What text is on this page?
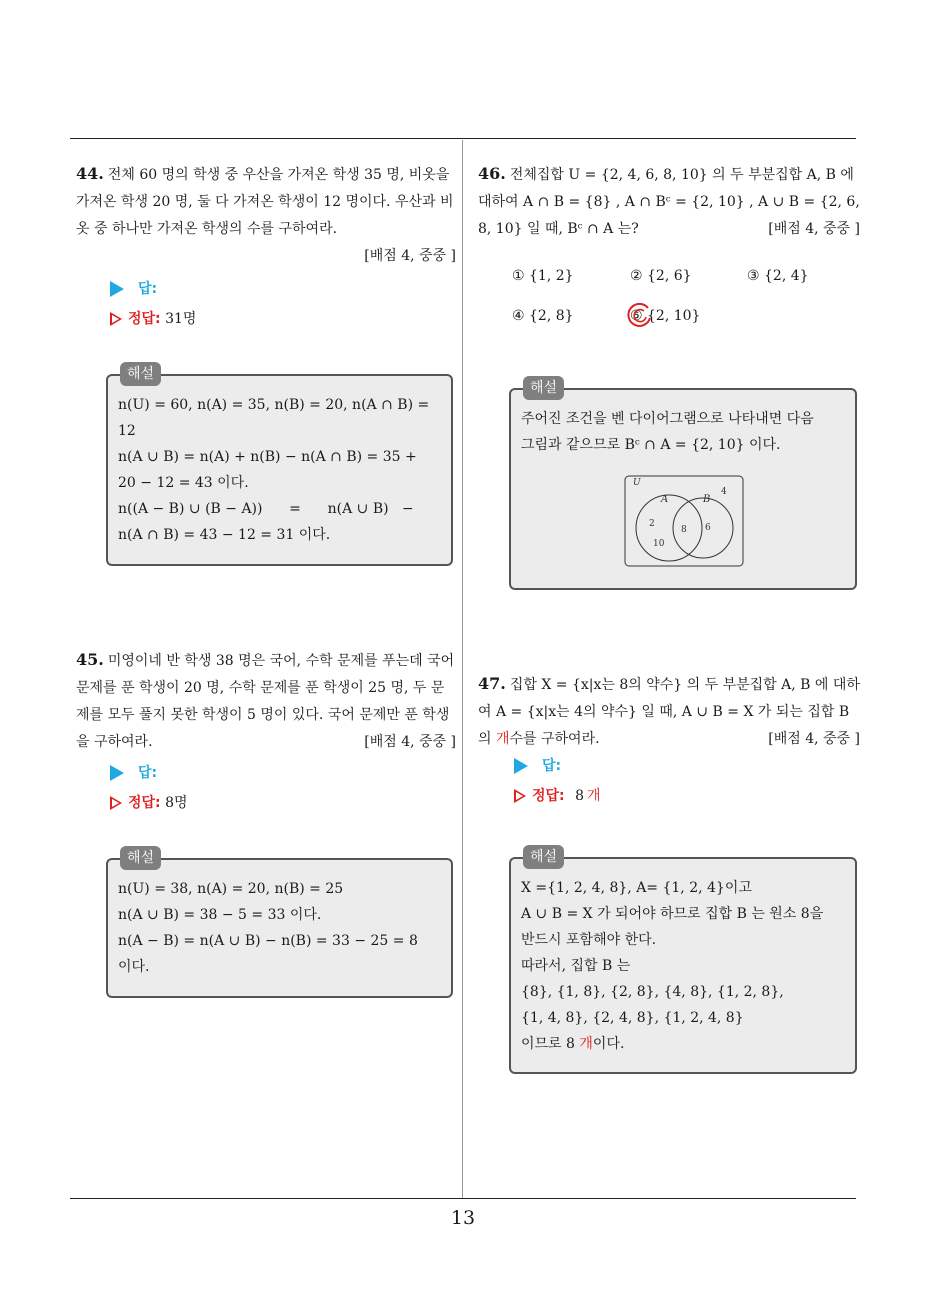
44. 전체 60 명의 학생 중 우산을 가져온 학생 35 명, 비옷을 가져온 학생 20 명, 둘 다 가져온 학생이 12 명이다. 우산과 비옷 중 하나만 가져온 학생의 수를 구하여라.
[배점 4, 중중 ]
답:
정답: 31명
해설
n(U) = 60, n(A) = 35, n(B) = 20, n(A ∩ B) =
12
n(A ∪ B) = n(A) + n(B) − n(A ∩ B) = 35 +
20 − 12 = 43 이다.
n((A − B) ∪ (B − A))      =      n(A ∪ B)   −
n(A ∩ B) = 43 − 12 = 31 이다.
45. 미영이네 반 학생 38 명은 국어, 수학 문제를 푸는데 국어 문제를 푼 학생이 20 명, 수학 문제를 푼 학생이 25 명, 두 문제를 모두 풀지 못한 학생이 5 명이 있다. 국어 문제만 푼 학생을 구하여라.	[배점 4, 중중 ]
답:
정답: 8명
해설
n(U) = 38, n(A) = 20, n(B) = 25
n(A ∪ B) = 38 − 5 = 33 이다.
n(A − B) = n(A ∪ B) − n(B) = 33 − 25 = 8
이다.
46. 전체집합 U = {2, 4, 6, 8, 10} 의 두 부분집합 A, B 에 대하여 A ∩ B = {8} , A ∩ Bᶜ = {2, 10} , A ∪ B = {2, 6, 8, 10} 일 때, Bᶜ ∩ A 는?	[배점 4, 중중 ]
① {1, 2}	② {2, 6}	③ {2, 4}
④ {2, 8}	⑤ {2, 10}
해설
주어진 조건을 벤 다이어그램으로 나타내면 다음
그림과 같으므로 Bᶜ ∩ A = {2, 10} 이다.
U
A	B
4
2
10
8 6
47. 집합 X = {x|x는 8의 약수} 의 두 부분집합 A, B 에 대하여 A = {x|x는 4의 약수} 일 때, A ∪ B = X 가 되는 집합 B 의 개수를 구하여라.	[배점 4, 중중 ]
답:
정답: 8 개
해설
X ={1, 2, 4, 8}, A= {1, 2, 4}이고
A ∪ B = X 가 되어야 하므로 집합 B 는 원소 8을
반드시 포함해야 한다.
따라서, 집합 B 는
{8}, {1, 8}, {2, 8}, {4, 8}, {1, 2, 8},
{1, 4, 8}, {2, 4, 8}, {1, 2, 4, 8}
이므로 8 개이다.
13
